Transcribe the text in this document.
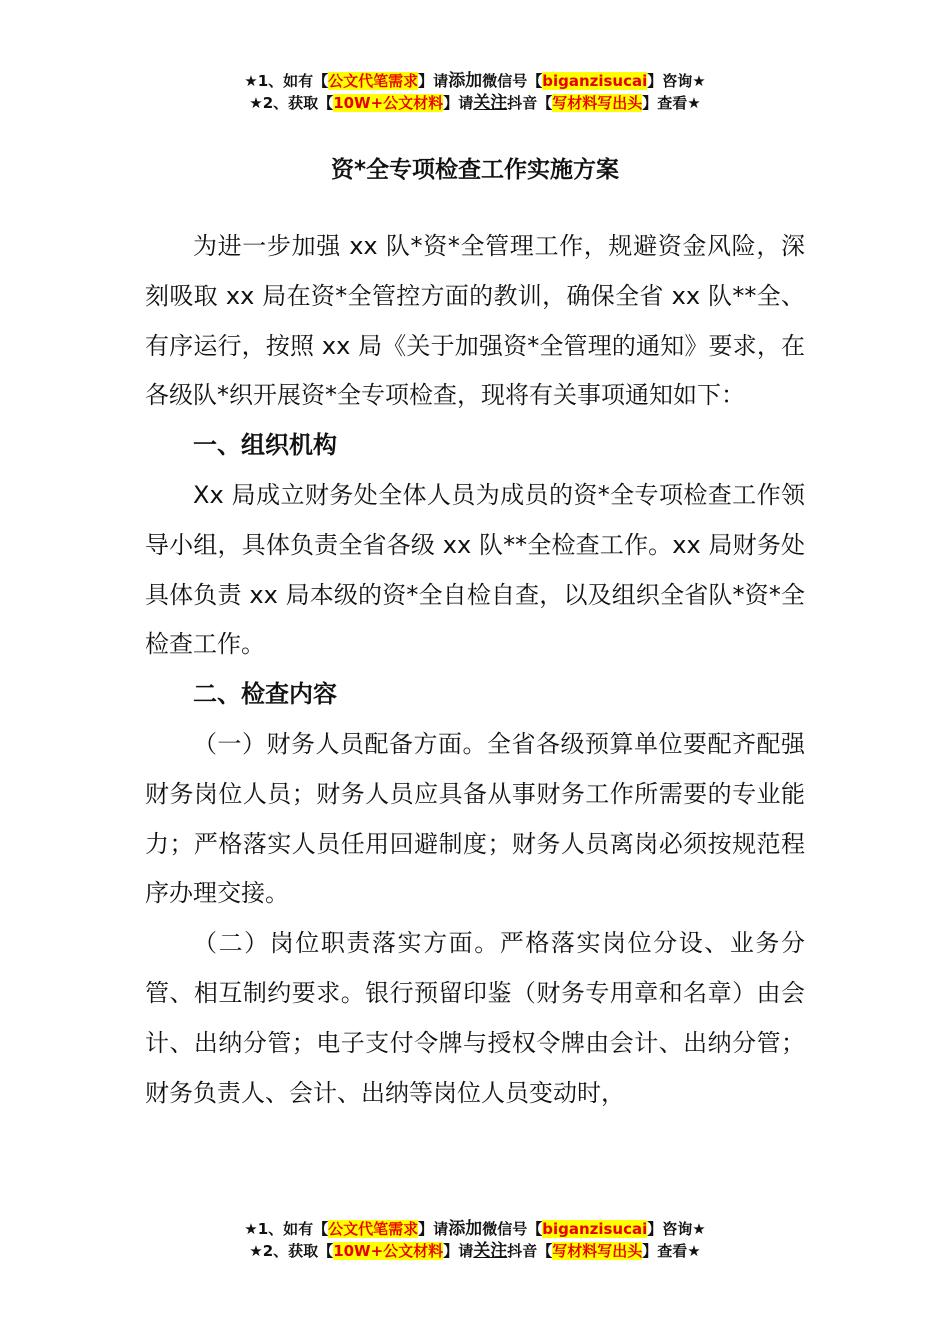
★1、如有【公文代笔需求】请添加微信号【biganzisucai】咨询★
★2、获取【10W+公文材料】请关注抖音【写材料写出头】查看★
资*全专项检查工作实施方案

为进一步加强 xx 队*资*全管理工作，规避资金风险，深刻吸取 xx 局在资*全管控方面的教训，确保全省 xx 队**全、有序运行，按照 xx 局《关于加强资*全管理的通知》要求，在各级队*织开展资*全专项检查，现将有关事项通知如下：

一、组织机构

Xx 局成立财务处全体人员为成员的资*全专项检查工作领导小组，具体负责全省各级 xx 队**全检查工作。xx 局财务处具体负责 xx 局本级的资*全自检自查，以及组织全省队*资*全检查工作。

二、检查内容

（一）财务人员配备方面。全省各级预算单位要配齐配强财务岗位人员；财务人员应具备从事财务工作所需要的专业能力；严格落实人员任用回避制度；财务人员离岗必须按规范程序办理交接。

（二）岗位职责落实方面。严格落实岗位分设、业务分管、相互制约要求。银行预留印鉴（财务专用章和名章）由会计、出纳分管；电子支付令牌与授权令牌由会计、出纳分管；财务负责人、会计、出纳等岗位人员变动时，

★1、如有【公文代笔需求】请添加微信号【biganzisucai】咨询★
★2、获取【10W+公文材料】请关注抖音【写材料写出头】查看★
